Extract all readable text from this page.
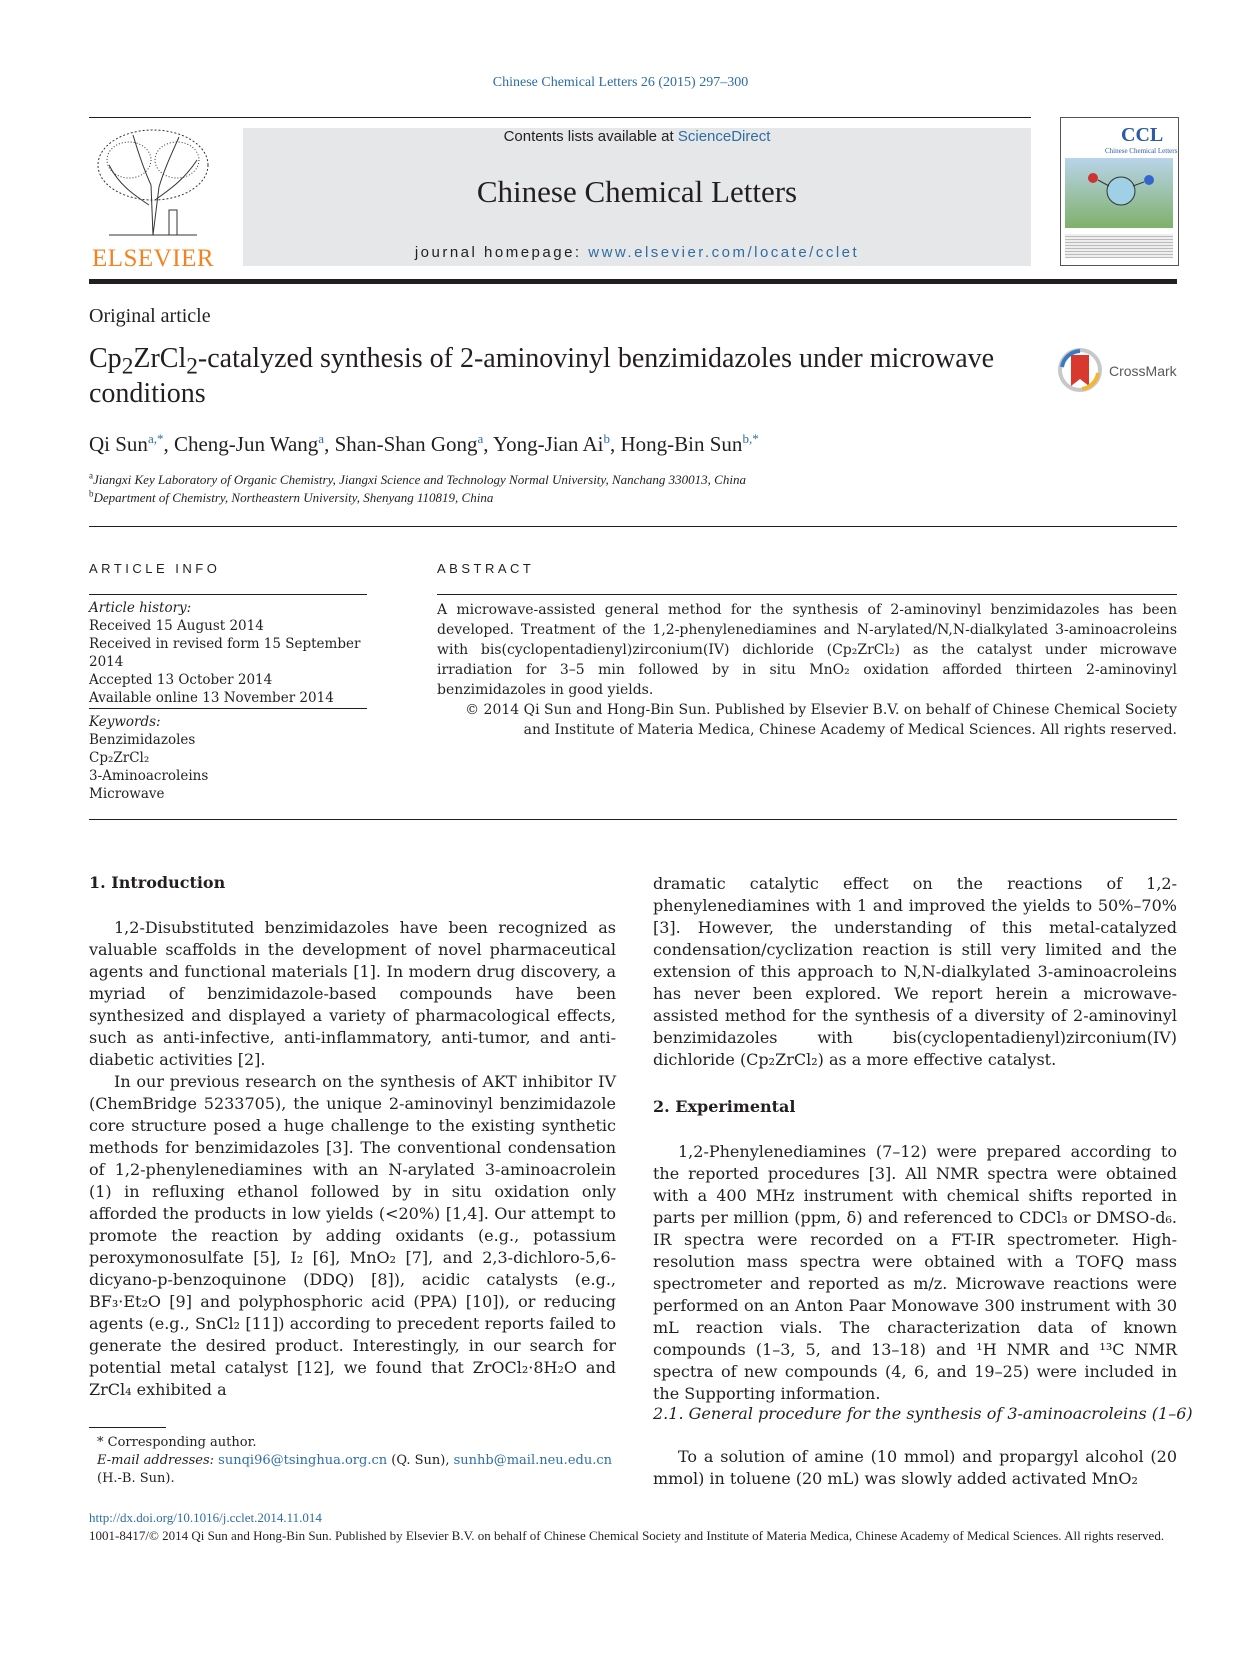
Chinese Chemical Letters 26 (2015) 297–300
ELSEVIER
Contents lists available at ScienceDirect
Chinese Chemical Letters
journal homepage: www.elsevier.com/locate/cclet
CCL
Chinese Chemical Letters
Original article
$Cp_2ZrCl_2$-catalyzed synthesis of 2-aminovinyl benzimidazoles under microwave conditions
CrossMark
Qi Sun$^{a,*}$, Cheng-Jun Wang$^a$, Shan-Shan Gong$^a$, Yong-Jian Ai$^b$, Hong-Bin Sun$^{b,*}$
$^a$Jiangxi Key Laboratory of Organic Chemistry, Jiangxi Science and Technology Normal University, Nanchang 330013, China
$^b$Department of Chemistry, Northeastern University, Shenyang 110819, China
ARTICLE INFO
Article history:
Received 15 August 2014
Received in revised form 15 September 2014
Accepted 13 October 2014
Available online 13 November 2014
Keywords:
Benzimidazoles
Cp₂ZrCl₂
3-Aminoacroleins
Microwave
ABSTRACT
A microwave-assisted general method for the synthesis of 2-aminovinyl benzimidazoles has been developed. Treatment of the 1,2-phenylenediamines and N-arylated/N,N-dialkylated 3-aminoacroleins with bis(cyclopentadienyl)zirconium(IV) dichloride (Cp₂ZrCl₂) as the catalyst under microwave irradiation for 3–5 min followed by in situ MnO₂ oxidation afforded thirteen 2-aminovinyl benzimidazoles in good yields.
© 2014 Qi Sun and Hong-Bin Sun. Published by Elsevier B.V. on behalf of Chinese Chemical Society and Institute of Materia Medica, Chinese Academy of Medical Sciences. All rights reserved.
1. Introduction

1,2-Disubstituted benzimidazoles have been recognized as valuable scaffolds in the development of novel pharmaceutical agents and functional materials [1]. In modern drug discovery, a myriad of benzimidazole-based compounds have been synthesized and displayed a variety of pharmacological effects, such as anti-infective, anti-inflammatory, anti-tumor, and anti-diabetic activities [2].

In our previous research on the synthesis of AKT inhibitor IV (ChemBridge 5233705), the unique 2-aminovinyl benzimidazole core structure posed a huge challenge to the existing synthetic methods for benzimidazoles [3]. The conventional condensation of 1,2-phenylenediamines with an N-arylated 3-aminoacrolein (1) in refluxing ethanol followed by in situ oxidation only afforded the products in low yields (<20%) [1,4]. Our attempt to promote the reaction by adding oxidants (e.g., potassium peroxymonosulfate [5], I₂ [6], MnO₂ [7], and 2,3-dichloro-5,6-dicyano-p-benzoquinone (DDQ) [8]), acidic catalysts (e.g., BF₃·Et₂O [9] and polyphosphoric acid (PPA) [10]), or reducing agents (e.g., SnCl₂ [11]) according to precedent reports failed to generate the desired product. Interestingly, in our search for potential metal catalyst [12], we found that ZrOCl₂·8H₂O and ZrCl₄ exhibited a

dramatic catalytic effect on the reactions of 1,2-phenylenediamines with 1 and improved the yields to 50%–70% [3]. However, the understanding of this metal-catalyzed condensation/cyclization reaction is still very limited and the extension of this approach to N,N-dialkylated 3-aminoacroleins has never been explored. We report herein a microwave-assisted method for the synthesis of a diversity of 2-aminovinyl benzimidazoles with bis(cyclopentadienyl)zirconium(IV) dichloride (Cp₂ZrCl₂) as a more effective catalyst.

2. Experimental

1,2-Phenylenediamines (7–12) were prepared according to the reported procedures [3]. All NMR spectra were obtained with a 400 MHz instrument with chemical shifts reported in parts per million (ppm, δ) and referenced to CDCl₃ or DMSO-d₆. IR spectra were recorded on a FT-IR spectrometer. High-resolution mass spectra were obtained with a TOFQ mass spectrometer and reported as m/z. Microwave reactions were performed on an Anton Paar Monowave 300 instrument with 30 mL reaction vials. The characterization data of known compounds (1–3, 5, and 13–18) and ¹H NMR and ¹³C NMR spectra of new compounds (4, 6, and 19–25) were included in the Supporting information.

2.1. General procedure for the synthesis of 3-aminoacroleins (1–6)

To a solution of amine (10 mmol) and propargyl alcohol (20 mmol) in toluene (20 mL) was slowly added activated MnO₂

* Corresponding author.
E-mail addresses: sunqi96@tsinghua.org.cn (Q. Sun), sunhb@mail.neu.edu.cn (H.-B. Sun).
http://dx.doi.org/10.1016/j.cclet.2014.11.014
1001-8417/© 2014 Qi Sun and Hong-Bin Sun. Published by Elsevier B.V. on behalf of Chinese Chemical Society and Institute of Materia Medica, Chinese Academy of Medical Sciences. All rights reserved.
